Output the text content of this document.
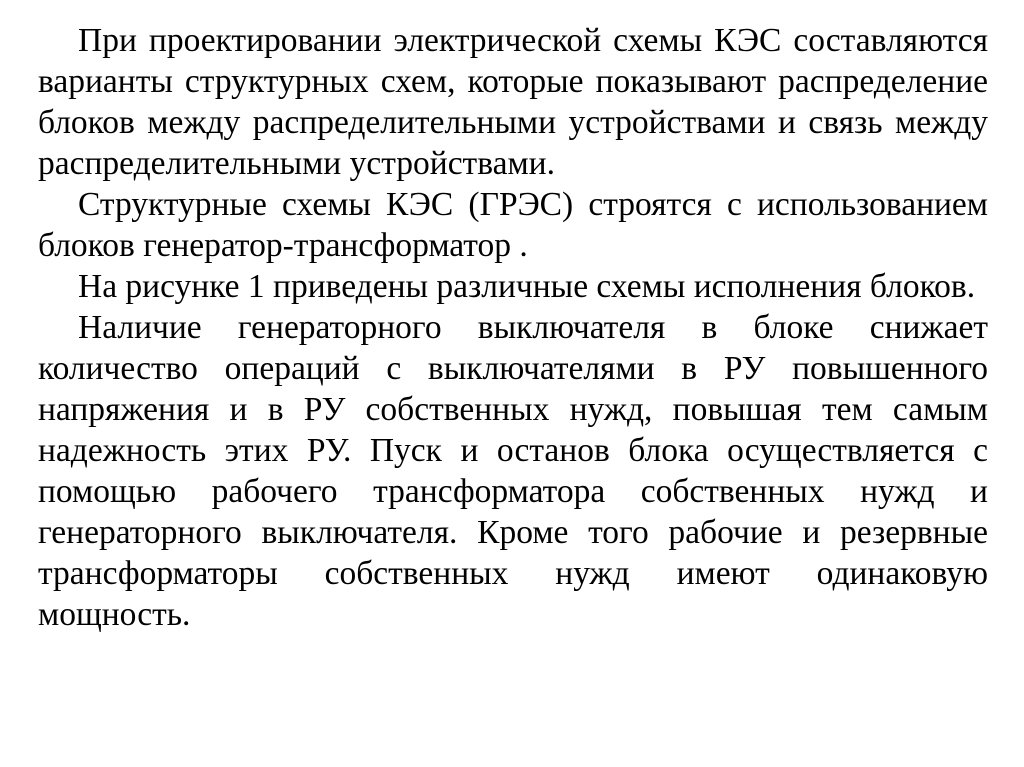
При проектировании электрической схемы КЭС составляются варианты структурных схем, которые показывают распределение блоков между распределительными устройствами и связь между распределительными устройствами.

Структурные схемы КЭС (ГРЭС) строятся с использованием блоков генератор-трансформатор .

На рисунке 1 приведены различные схемы исполнения блоков.

Наличие генераторного выключателя в блоке снижает количество операций с выключателями в РУ повышенного напряжения и в РУ собственных нужд, повышая тем самым надежность этих РУ. Пуск и останов блока осуществляется с помощью рабочего трансформатора собственных нужд и генераторного выключателя. Кроме того рабочие и резервные трансформаторы собственных нужд имеют одинаковую мощность.
